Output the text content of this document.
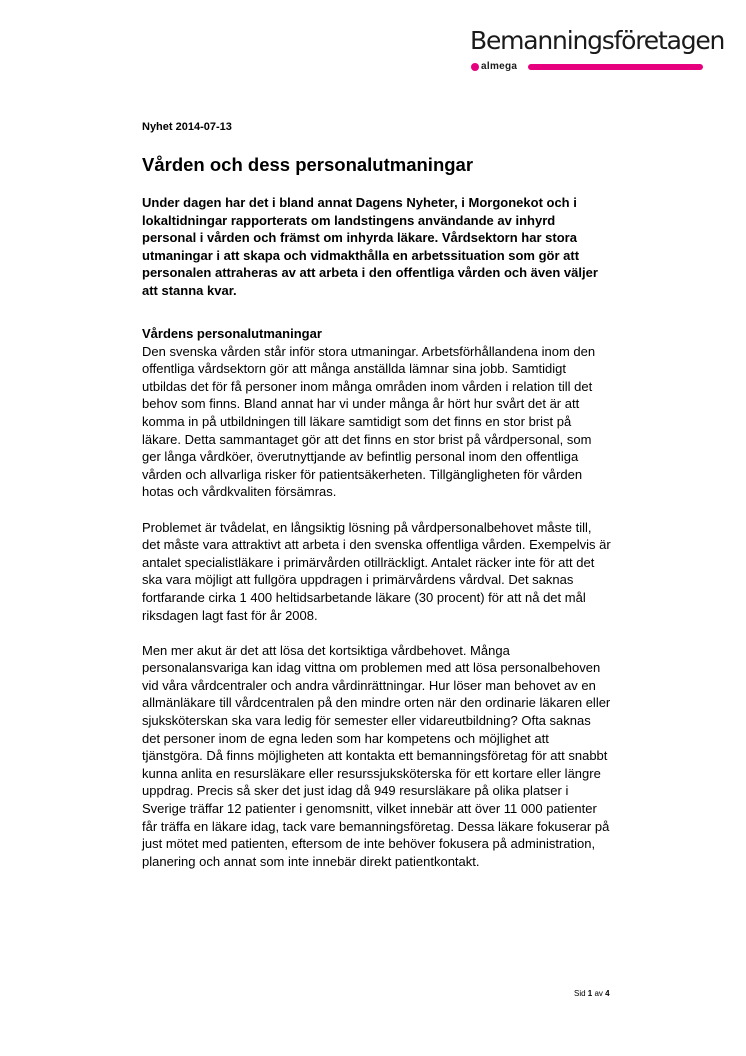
Bemanningsföretagen
almega
Nyhet 2014-07-13
Vården och dess personalutmaningar

Under dagen har det i bland annat Dagens Nyheter, i Morgonekot och i lokaltidningar rapporterats om landstingens användande av inhyrd personal i vården och främst om inhyrda läkare. Vårdsektorn har stora utmaningar i att skapa och vidmakthålla en arbetssituation som gör att personalen attraheras av att arbeta i den offentliga vården och även väljer att stanna kvar.

Vårdens personalutmaningar

Den svenska vården står inför stora utmaningar. Arbetsförhållandena inom den offentliga vårdsektorn gör att många anställda lämnar sina jobb. Samtidigt utbildas det för få personer inom många områden inom vården i relation till det behov som finns. Bland annat har vi under många år hört hur svårt det är att komma in på utbildningen till läkare samtidigt som det finns en stor brist på läkare. Detta sammantaget gör att det finns en stor brist på vårdpersonal, som ger långa vårdköer, överutnyttjande av befintlig personal inom den offentliga vården och allvarliga risker för patientsäkerheten. Tillgängligheten för vården hotas och vårdkvaliten försämras.

Problemet är tvådelat, en långsiktig lösning på vårdpersonalbehovet måste till, det måste vara attraktivt att arbeta i den svenska offentliga vården. Exempelvis är antalet specialistläkare i primärvården otillräckligt. Antalet räcker inte för att det ska vara möjligt att fullgöra uppdragen i primärvårdens vårdval. Det saknas fortfarande cirka 1 400 heltidsarbetande läkare (30 procent) för att nå det mål riksdagen lagt fast för år 2008.

Men mer akut är det att lösa det kortsiktiga vårdbehovet. Många personalansvariga kan idag vittna om problemen med att lösa personalbehoven vid våra vårdcentraler och andra vårdinrättningar. Hur löser man behovet av en allmänläkare till vårdcentralen på den mindre orten när den ordinarie läkaren eller sjuksköterskan ska vara ledig för semester eller vidareutbildning? Ofta saknas det personer inom de egna leden som har kompetens och möjlighet att tjänstgöra. Då finns möjligheten att kontakta ett bemanningsföretag för att snabbt kunna anlita en resursläkare eller resurssjuksköterska för ett kortare eller längre uppdrag. Precis så sker det just idag då 949 resursläkare på olika platser i Sverige träffar 12 patienter i genomsnitt, vilket innebär att över 11 000 patienter får träffa en läkare idag, tack vare bemanningsföretag. Dessa läkare fokuserar på just mötet med patienten, eftersom de inte behöver fokusera på administration, planering och annat som inte innebär direkt patientkontakt.

Sid 1 av 4
